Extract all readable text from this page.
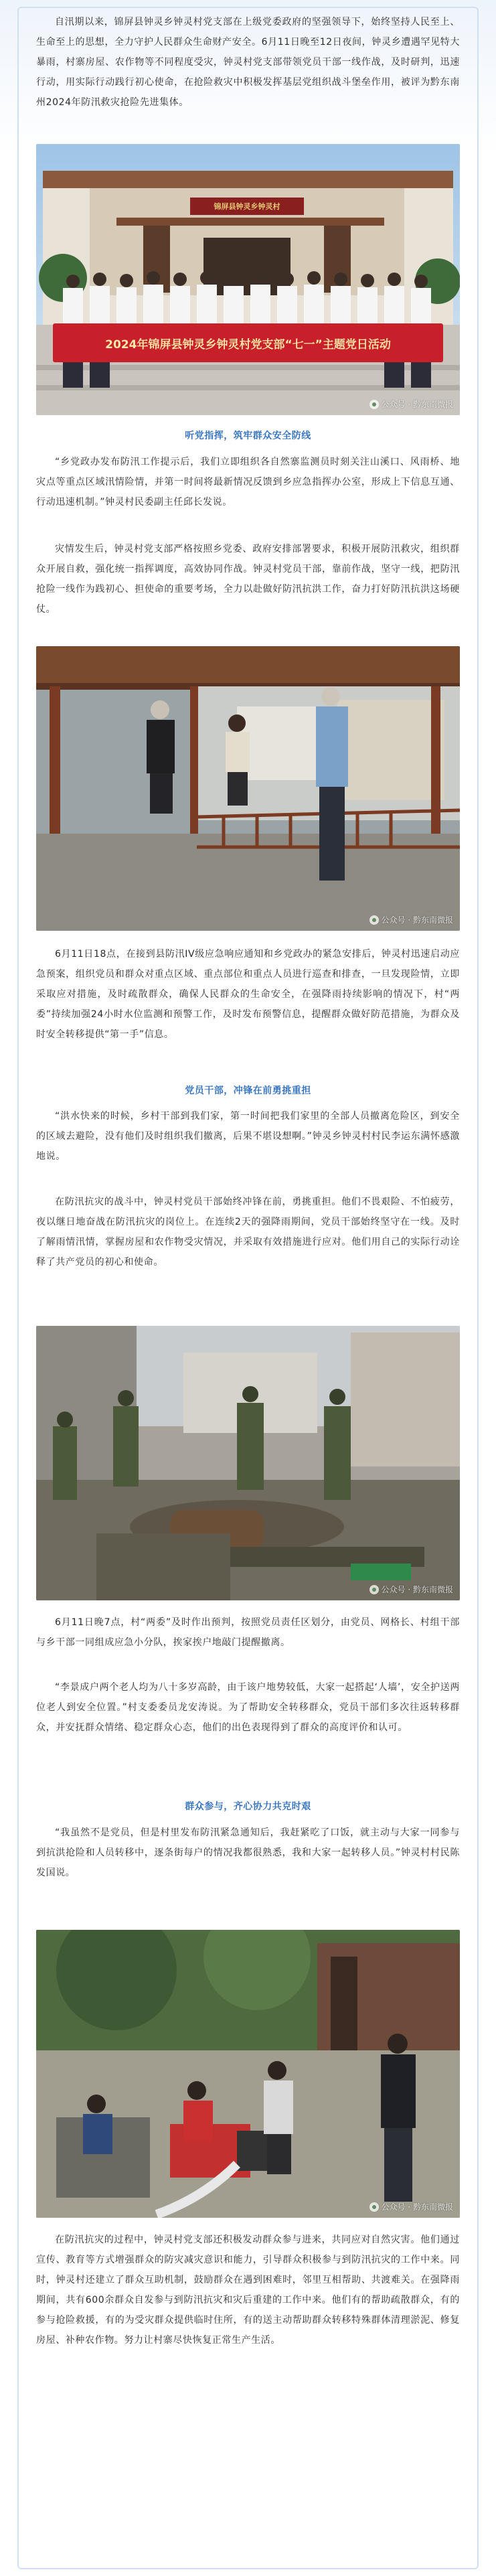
自汛期以来，锦屏县钟灵乡钟灵村党支部在上级党委政府的坚强领导下，始终坚持人民至上、生命至上的思想，全力守护人民群众生命财产安全。6月11日晚至12日夜间，钟灵乡遭遇罕见特大暴雨，村寨房屋、农作物等不同程度受灾，钟灵村党支部带领党员干部一线作战，及时研判，迅速行动，用实际行动践行初心使命，在抢险救灾中积极发挥基层党组织战斗堡垒作用，被评为黔东南州2024年防汛救灾抢险先进集体。

2024年锦屏县钟灵乡钟灵村党支部“七一”主题党日活动
锦屏县钟灵乡钟灵村
公众号 · 黔东南微报
听党指挥，筑牢群众安全防线

“乡党政办发布防汛工作提示后，我们立即组织各自然寨监测员时刻关注山溪口、风雨桥、地灾点等重点区域汛情险情，并第一时间将最新情况反馈到乡应急指挥办公室，形成上下信息互通、行动迅速机制。”钟灵村民委副主任邱长发说。

灾情发生后，钟灵村党支部严格按照乡党委、政府安排部署要求，积极开展防汛救灾，组织群众开展自救，强化统一指挥调度，高效协同作战。钟灵村党员干部，靠前作战，坚守一线，把防汛抢险一线作为践初心、担使命的重要考场，全力以赴做好防汛抗洪工作，奋力打好防汛抗洪这场硬仗。

公众号 · 黔东南微报

6月11日18点，在接到县防汛IV级应急响应通知和乡党政办的紧急安排后，钟灵村迅速启动应急预案，组织党员和群众对重点区域、重点部位和重点人员进行巡查和排查，一旦发现险情，立即采取应对措施，及时疏散群众，确保人民群众的生命安全，在强降雨持续影响的情况下，村“两委”持续加强24小时水位监测和预警工作，及时发布预警信息，提醒群众做好防范措施，为群众及时安全转移提供“第一手”信息。

党员干部，冲锋在前勇挑重担

“洪水快来的时候，乡村干部到我们家，第一时间把我们家里的全部人员撤离危险区，到安全的区域去避险，没有他们及时组织我们撤离，后果不堪设想啊。”钟灵乡钟灵村村民李运东满怀感激地说。

在防汛抗灾的战斗中，钟灵村党员干部始终冲锋在前，勇挑重担。他们不畏艰险、不怕疲劳，夜以继日地奋战在防汛抗灾的岗位上。在连续2天的强降雨期间，党员干部始终坚守在一线。及时了解雨情汛情，掌握房屋和农作物受灾情况，并采取有效措施进行应对。他们用自己的实际行动诠释了共产党员的初心和使命。

公众号 · 黔东南微报

6月11日晚7点，村“两委”及时作出预判，按照党员责任区划分，由党员、网格长、村组干部与乡干部一同组成应急小分队，挨家挨户地敲门提醒撤离。

“李景成户两个老人均为八十多岁高龄，由于该户地势较低，大家一起搭起‘人墙’，安全护送两位老人到安全位置。”村支委委员龙安涛说。为了帮助安全转移群众，党员干部们多次往返转移群众，并安抚群众情绪、稳定群众心态，他们的出色表现得到了群众的高度评价和认可。

群众参与，齐心协力共克时艰

“我虽然不是党员，但是村里发布防汛紧急通知后，我赶紧吃了口饭，就主动与大家一同参与到抗洪抢险和人员转移中，逐条街每户的情况我都很熟悉，我和大家一起转移人员。”钟灵村村民陈发国说。

公众号 · 黔东南微报

在防汛抗灾的过程中，钟灵村党支部还积极发动群众参与进来，共同应对自然灾害。他们通过宣传、教育等方式增强群众的防灾减灾意识和能力，引导群众积极参与到防汛抗灾的工作中来。同时，钟灵村还建立了群众互助机制，鼓励群众在遇到困难时，邻里互相帮助、共渡难关。在强降雨期间，共有600余群众自发参与到防汛抗灾和灾后重建的工作中来。他们有的帮助疏散群众，有的参与抢险救援，有的为受灾群众提供临时住所，有的送主动帮助群众转移特殊群体清理淤泥、修复房屋、补种农作物。努力让村寨尽快恢复正常生产生活。
